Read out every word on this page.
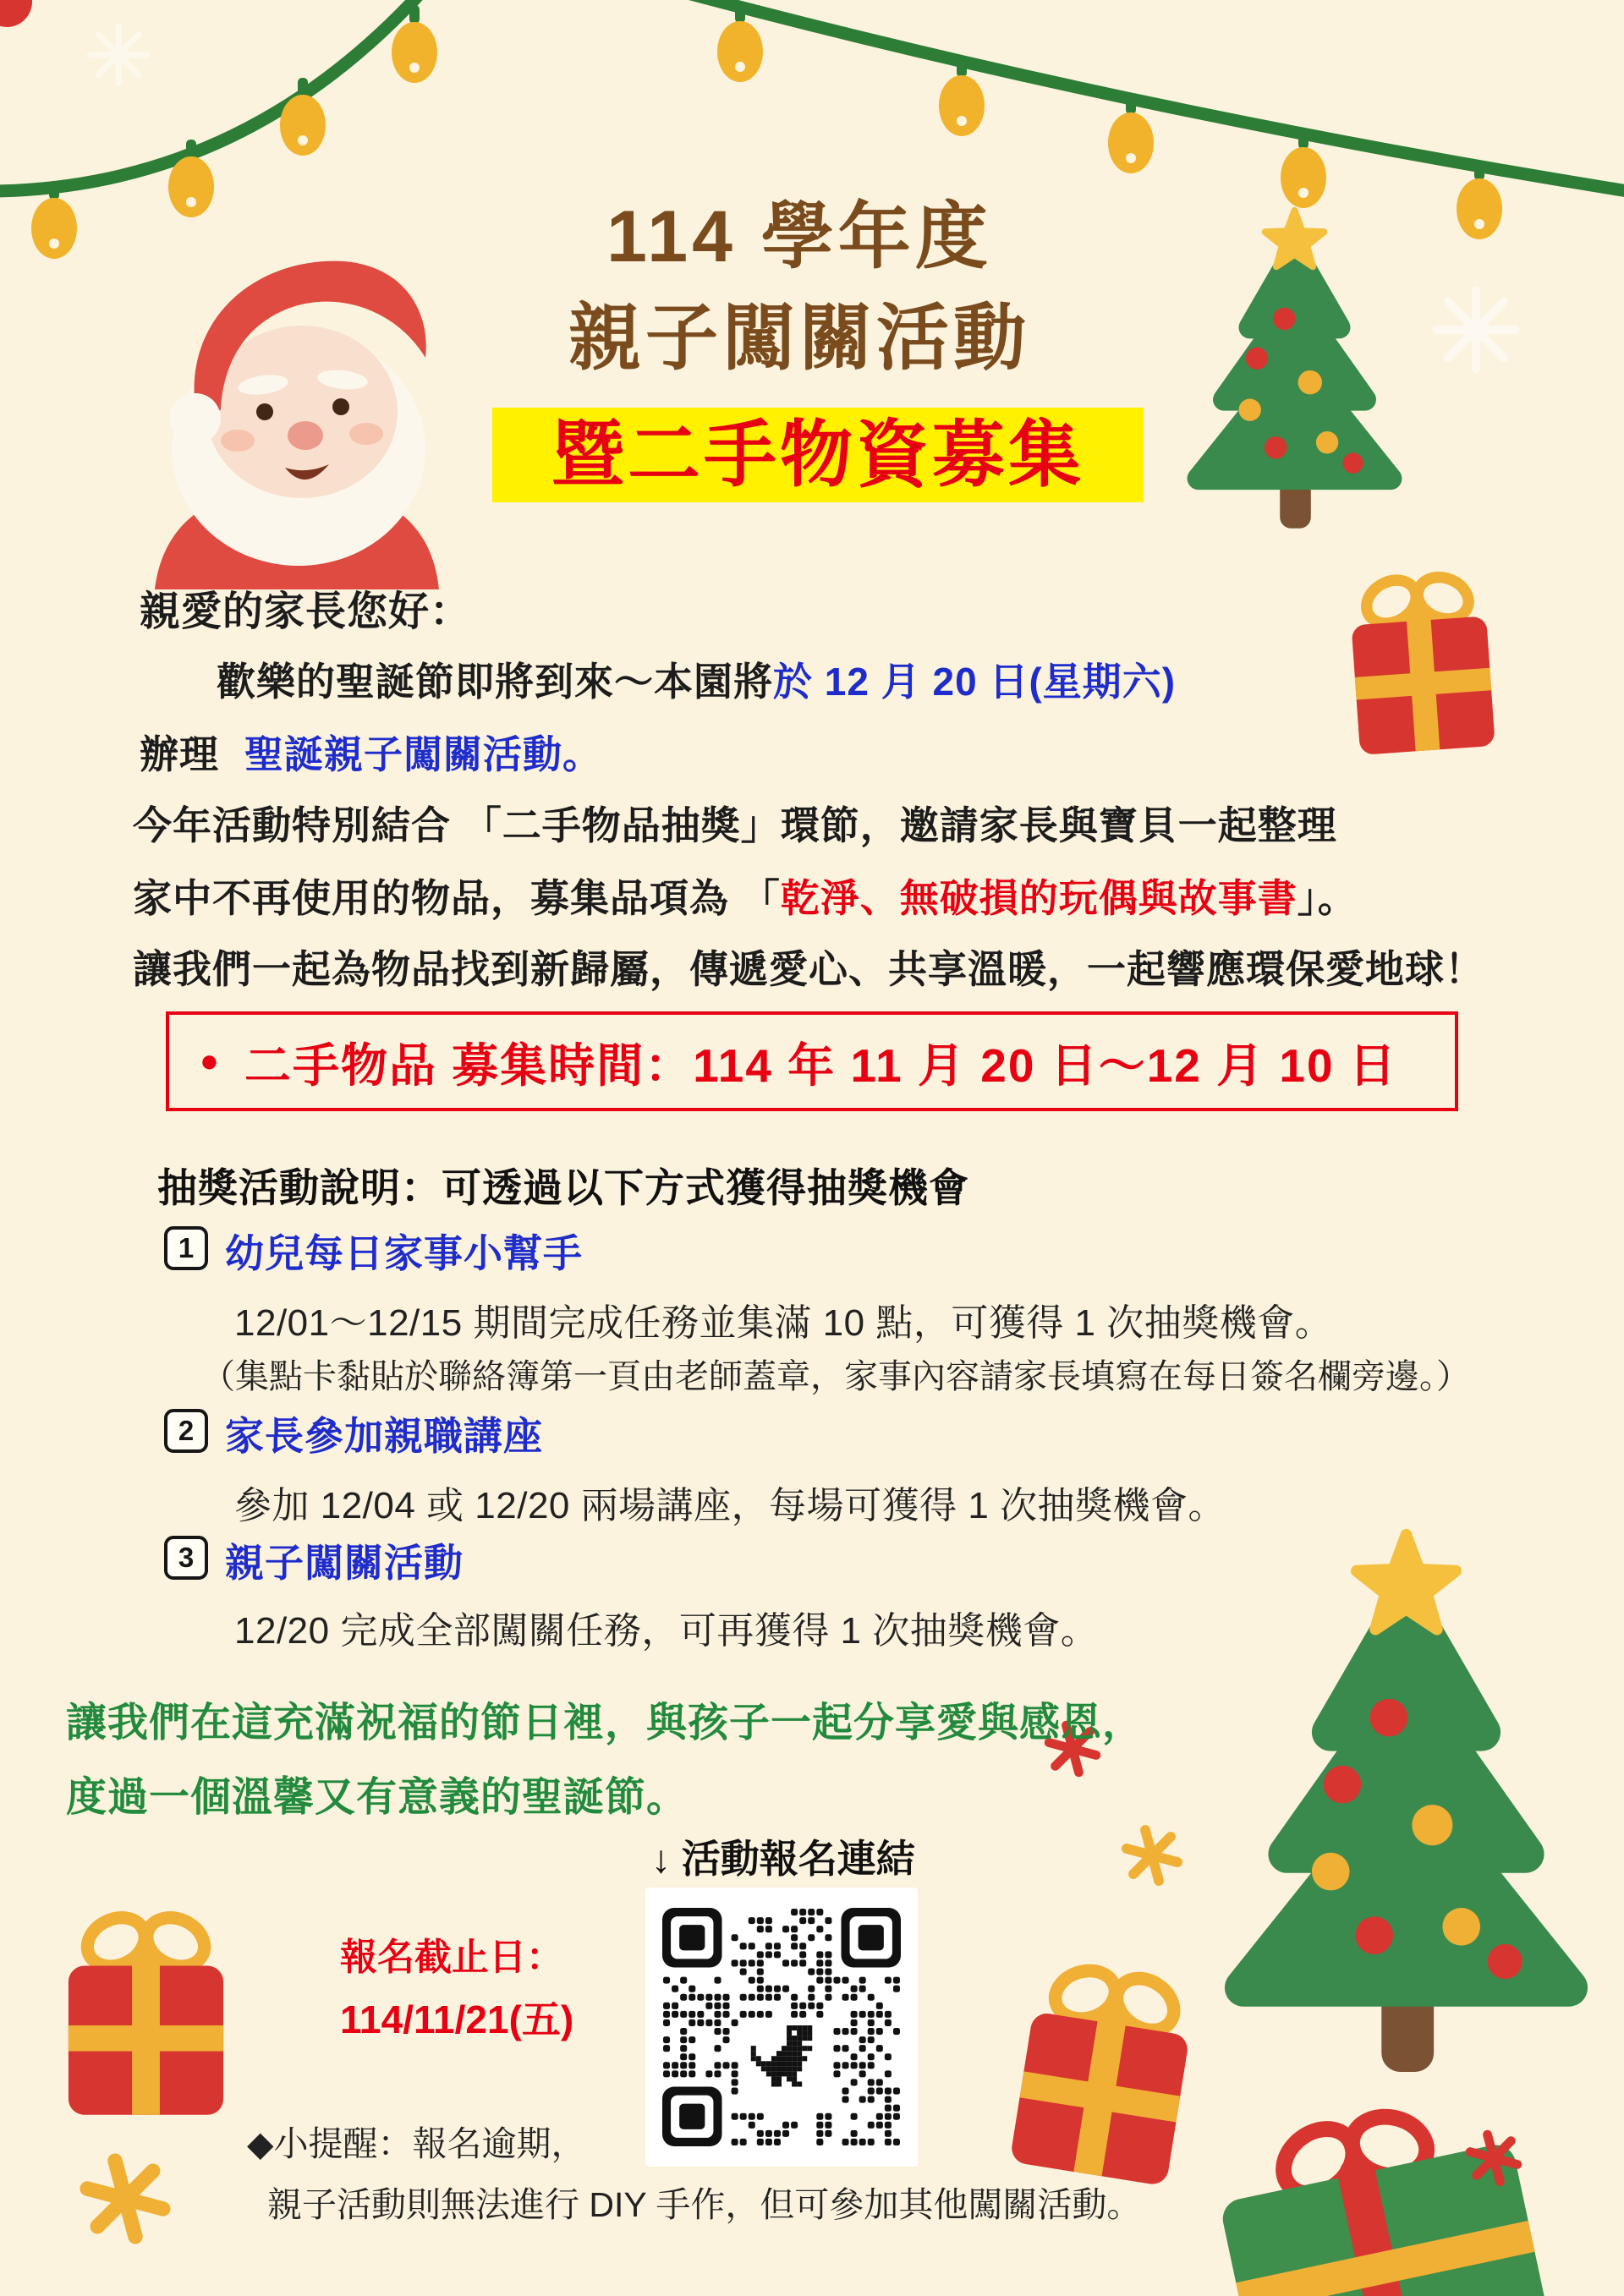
114 學年度
親子闖關活動
暨二手物資募集
親愛的家長您好：
歡樂的聖誕節即將到來～本園將於 12 月 20 日(星期六)
辦理 聖誕親子闖關活動。
今年活動特別結合 「二手物品抽獎」環節，邀請家長與寶貝一起整理
家中不再使用的物品，募集品項為 「乾淨、無破損的玩偶與故事書」。
讓我們一起為物品找到新歸屬，傳遞愛心、共享溫暖，一起響應環保愛地球！
● 二手物品 募集時間：114 年 11 月 20 日～12 月 10 日
抽獎活動說明：可透過以下方式獲得抽獎機會
1 幼兒每日家事小幫手
12/01～12/15 期間完成任務並集滿 10 點，可獲得 1 次抽獎機會。
（集點卡黏貼於聯絡簿第一頁由老師蓋章，家事內容請家長填寫在每日簽名欄旁邊。）
2 家長參加親職講座
參加 12/04 或 12/20 兩場講座，每場可獲得 1 次抽獎機會。
3 親子闖關活動
12/20 完成全部闖關任務，可再獲得 1 次抽獎機會。
讓我們在這充滿祝福的節日裡，與孩子一起分享愛與感恩，
度過一個溫馨又有意義的聖誕節。
↓ 活動報名連結
報名截止日：
114/11/21(五)
◆小提醒：報名逾期，
親子活動則無法進行 DIY 手作，但可參加其他闖關活動。
